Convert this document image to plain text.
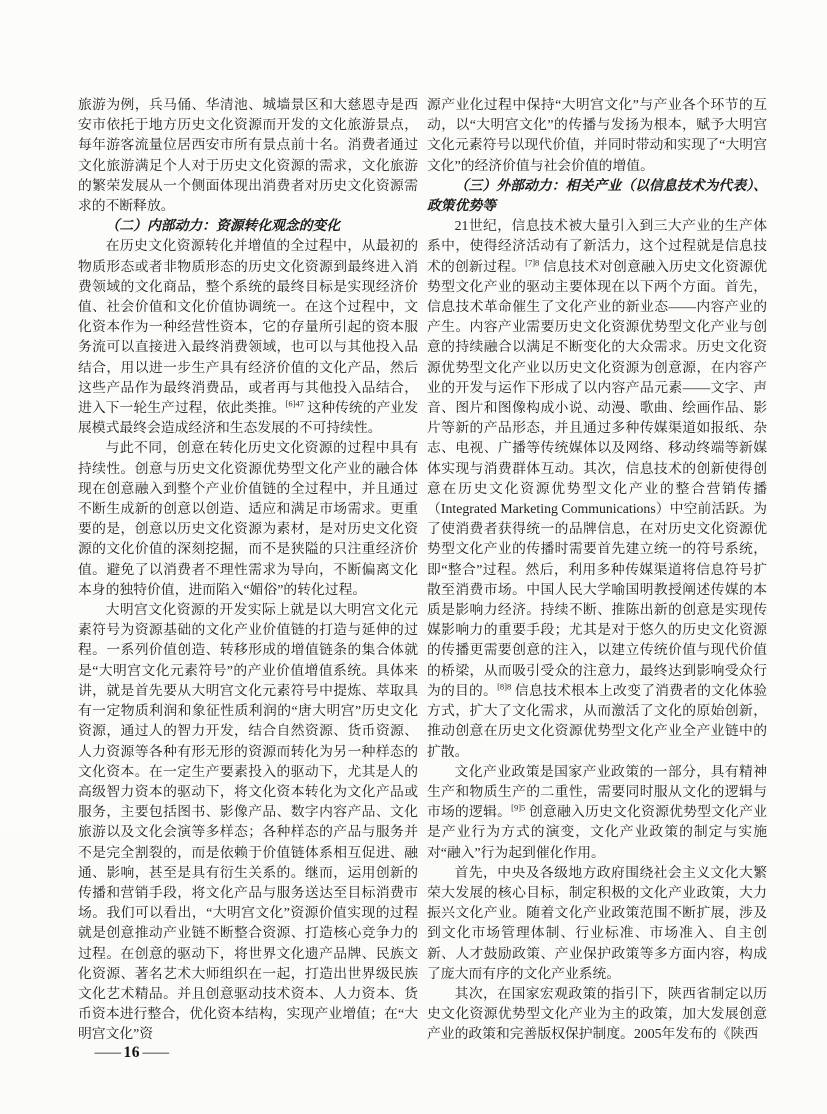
旅游为例，兵马俑、华清池、城墙景区和大慈恩寺是西安市依托于地方历史文化资源而开发的文化旅游景点，每年游客流量位居西安市所有景点前十名。消费者通过文化旅游满足个人对于历史文化资源的需求，文化旅游的繁荣发展从一个侧面体现出消费者对历史文化资源需求的不断释放。

（二）内部动力：资源转化观念的变化

在历史文化资源转化并增值的全过程中，从最初的物质形态或者非物质形态的历史文化资源到最终进入消费领域的文化商品，整个系统的最终目标是实现经济价值、社会价值和文化价值协调统一。在这个过程中，文化资本作为一种经营性资本，它的存量所引起的资本服务流可以直接进入最终消费领域，也可以与其他投入品结合，用以进一步生产具有经济价值的文化产品，然后这些产品作为最终消费品，或者再与其他投入品结合，进入下一轮生产过程，依此类推。$^{[6]47}$ 这种传统的产业发展模式最终会造成经济和生态发展的不可持续性。

与此不同，创意在转化历史文化资源的过程中具有持续性。创意与历史文化资源优势型文化产业的融合体现在创意融入到整个产业价值链的全过程中，并且通过不断生成新的创意以创造、适应和满足市场需求。更重要的是，创意以历史文化资源为素材，是对历史文化资源的文化价值的深刻挖掘，而不是狭隘的只注重经济价值。避免了以消费者不理性需求为导向，不断偏离文化本身的独特价值，进而陷入“媚俗”的转化过程。

大明宫文化资源的开发实际上就是以大明宫文化元素符号为资源基础的文化产业价值链的打造与延伸的过程。一系列价值创造、转移形成的增值链条的集合体就是“大明宫文化元素符号”的产业价值增值系统。具体来讲，就是首先要从大明宫文化元素符号中提炼、萃取具有一定物质利润和象征性质利润的“唐大明宫”历史文化资源，通过人的智力开发，结合自然资源、货币资源、人力资源等各种有形无形的资源而转化为另一种样态的文化资本。在一定生产要素投入的驱动下，尤其是人的高级智力资本的驱动下，将文化资本转化为文化产品或服务，主要包括图书、影像产品、数字内容产品、文化旅游以及文化会演等多样态；各种样态的产品与服务并不是完全割裂的，而是依赖于价值链体系相互促进、融通、影响，甚至是具有衍生关系的。继而，运用创新的传播和营销手段，将文化产品与服务送达至目标消费市场。我们可以看出，“大明宫文化”资源价值实现的过程就是创意推动产业链不断整合资源、打造核心竞争力的过程。在创意的驱动下，将世界文化遗产品牌、民族文化资源、著名艺术大师组织在一起，打造出世界级民族文化艺术精品。并且创意驱动技术资本、人力资本、货币资本进行整合，优化资本结构，实现产业增值；在“大明宫文化”资

源产业化过程中保持“大明宫文化”与产业各个环节的互动，以“大明宫文化”的传播与发扬为根本，赋予大明宫文化元素符号以现代价值，并同时带动和实现了“大明宫文化”的经济价值与社会价值的增值。

（三）外部动力：相关产业（以信息技术为代表）、政策优势等

21世纪，信息技术被大量引入到三大产业的生产体系中，使得经济活动有了新活力，这个过程就是信息技术的创新过程。$^{[7]8}$ 信息技术对创意融入历史文化资源优势型文化产业的驱动主要体现在以下两个方面。首先，信息技术革命催生了文化产业的新业态——内容产业的产生。内容产业需要历史文化资源优势型文化产业与创意的持续融合以满足不断变化的大众需求。历史文化资源优势型文化产业以历史文化资源为创意源，在内容产业的开发与运作下形成了以内容产品元素——文字、声音、图片和图像构成小说、动漫、歌曲、绘画作品、影片等新的产品形态，并且通过多种传媒渠道如报纸、杂志、电视、广播等传统媒体以及网络、移动终端等新媒体实现与消费群体互动。其次，信息技术的创新使得创意在历史文化资源优势型文化产业的整合营销传播（Integrated Marketing Communications）中空前活跃。为了使消费者获得统一的品牌信息，在对历史文化资源优势型文化产业的传播时需要首先建立统一的符号系统，即“整合”过程。然后，利用多种传媒渠道将信息符号扩散至消费市场。中国人民大学喻国明教授阐述传媒的本质是影响力经济。持续不断、推陈出新的创意是实现传媒影响力的重要手段；尤其是对于悠久的历史文化资源的传播更需要创意的注入，以建立传统价值与现代价值的桥梁，从而吸引受众的注意力，最终达到影响受众行为的目的。$^{[8]8}$ 信息技术根本上改变了消费者的文化体验方式，扩大了文化需求，从而激活了文化的原始创新，推动创意在历史文化资源优势型文化产业全产业链中的扩散。

文化产业政策是国家产业政策的一部分，具有精神生产和物质生产的二重性，需要同时服从文化的逻辑与市场的逻辑。$^{[9]5}$ 创意融入历史文化资源优势型文化产业是产业行为方式的演变，文化产业政策的制定与实施对“融入”行为起到催化作用。

首先，中央及各级地方政府围绕社会主义文化大繁荣大发展的核心目标，制定积极的文化产业政策，大力振兴文化产业。随着文化产业政策范围不断扩展，涉及到文化市场管理体制、行业标准、市场准入、自主创新、人才鼓励政策、产业保护政策等多方面内容，构成了庞大而有序的文化产业系统。

其次，在国家宏观政策的指引下，陕西省制定以历史文化资源优势型文化产业为主的政策，加大发展创意产业的政策和完善版权保护制度。2005年发布的《陕西

— 16 —
